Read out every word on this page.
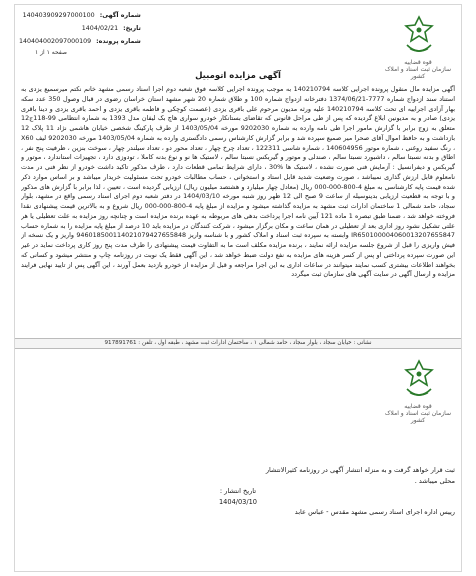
قوه قضاییه
سازمان ثبت اسناد و املاک کشور
شماره آگهی:
140403909297000100
تاریخ:
1404/02/21
شماره پرونده:
140404002097000109
صفحه ۱ از ۱
آگهی مزایده اتومبیل
آگهی مزایده مال منقول پرونده اجرایی کلاسه 140210794 به موجب پرونده اجرایی کلاسه فوق شعبه دوم اجرا اسناد رسمی مشهد خانم نکتم میرسمیع یزدی به استناد سند ازدواج شماره 7777-1374/06/21 دفترخانه ازدواج شماره 100 و طلاق شماره 20 شهر مشهد استان خراسان رضوی در قبال وصول 350 عدد سکه بهار آزادی اجراییه ای تحت کلاسه 140210794 علیه ورثه مدیون مرحوم علی باقری یزدی (عصمت کوچکی و فاطمه باقری یزدی و احمد باقری یزدی و دینا باقری یزدی) صادر و به مدیونین ابلاغ گردیده که پس از طی مراحل قانونی که تقاضای بستانکار خودرو سواری هاچ بک لیفان مدل 1393 به شماره انتظامی 99-118ج12 متعلق به زوج برابر با گزارش مامور اجرا طی نامه وارده به شماره 9202030 مورخه 1403/05/04 از طرف پارکینگ شخصی خیابان هاشمی نژاد 11 پلاک 12 بازداشت و به حافظ اموال آقای صحرا میر صمیع سپرده شد و برابر گزارش کارشناس رسمی دادگستری وارده به شماره 1403/05/04 مورخه 9202030 لیف X60 ، رنگ سفید روغنی ، شماره موتور 140604956 ، شماره شاسی 122311 ، تعداد چرخ چهار ، تعداد محور دو ، تعداد سیلندر چهار ، سوخت بنزین ، ظرفیت پنج نفر ، اطاق و بدنه نسبتا سالم ، داشبورد نسبتا سالم ، صندلی و موتور و گیربکس نسبتا سالم ، لاستیک ها نو و نوع بدنه کاملا ، تودوزی دارد ، تجهیزات استاندارد ، موتور و گیربکس و دیفرانسیل : آزمایش فنی صورت نشده ، لاستیک ها %30 ، دارای شرایط تمامی قطعات دارد ، طرف مذکور تاکید داشت خودرو از نظر فنی در مدت نامعلوم قابل ارزش گذاری نمیباشد ، صورت وضعیت شدید قابل استاد و استخوانی ، حساب مطالبات خودرو تحت مسئولیت خریدار میباشد و بر اساس موارد ذکر شده قیمت پایه کارشناسی به مبلغ 4-800-000-000 ریال (معادل چهار میلیارد و هشتصد میلیون ریال) ارزیابی گردیده است ، تعیین ، لذا برابر با گزارش های مذکور و با توجه به قطعیت ارزیابی بدینوسیله از ساعت 9 صبح الی 12 ظهر روز شنبه مورخه 1404/03/10 در دفتر شعبه دوم اجرای اسناد رسمی واقع در مشهد، بلوار سجاد، حامد شمالی 1 ساختمان ادارات ثبت مشهد به مزایده گذاشته میشود و مزایده از مبلغ پایه 4-800-000-000 ریال شروع و به بالاترین قیمت پیشنهادی نقدا فروخته خواهد شد ، ضمنا طبق تبصره 1 ماده 121 آیین نامه اجرا پرداخت بدهی های مربوطه به عهده برنده مزایده است و چنانچه روز مزایده به علت تعطیلی یا هر علتی تشکیل نشود روز اداری بعد از تعطیلی در همان ساعت و مکان برگزار میشود ، شرکت کنندگان در مزایده باید 10 درصد از مبلغ پایه مزایده را به شماره حساب IR650100004060013207655847 وابسته به سپرده ثبت اسناد و املاک کشور و با شناسه واریز 946018500114021079427655848 واریز و یک نسخه از فیش واریزی را قبل از شروع جلسه مزایده ارائه نمایند ، برنده مزایده مکلف است ما به التفاوت قیمت پیشنهادی را ظرف مدت پنج روز کاری پرداخت نماید در غیر این صورت سپرده پرداختی او پس از کسر هزینه های مزایده به نفع دولت ضبط خواهد شد ، این آگهی فقط یک نوبت در روزنامه چاپ و منتشر میشود و کسانی که بخواهند اطلاعات بیشتری کسب نمایند میتوانند در ساعات اداری به این اجرا مراجعه و قبل از مزایده از خودرو بازدید بعمل آورند ، این آگهی پس از تایید نهایی فرایند مزایده و ارسال آگهی در سایت آگهی های سازمان ثبت میگردد
نشانی : خیابان سجاد ، بلوار سجاد ، حامد شمالی ۱ ، ساختمان ادارات ثبت مشهد ، طبقه اول ، تلفن : 917891761
قوه قضاییه
سازمان ثبت اسناد و املاک کشور

ثبت قرار خواهد گرفت و به منزله انتشار آگهی در روزنامه کثیرالانتشار

محلی میباشد .

تاریخ انتشار :

1404/03/10

رییس اداره اجرای اسناد رسمی مشهد مقدس - عباس عابد
